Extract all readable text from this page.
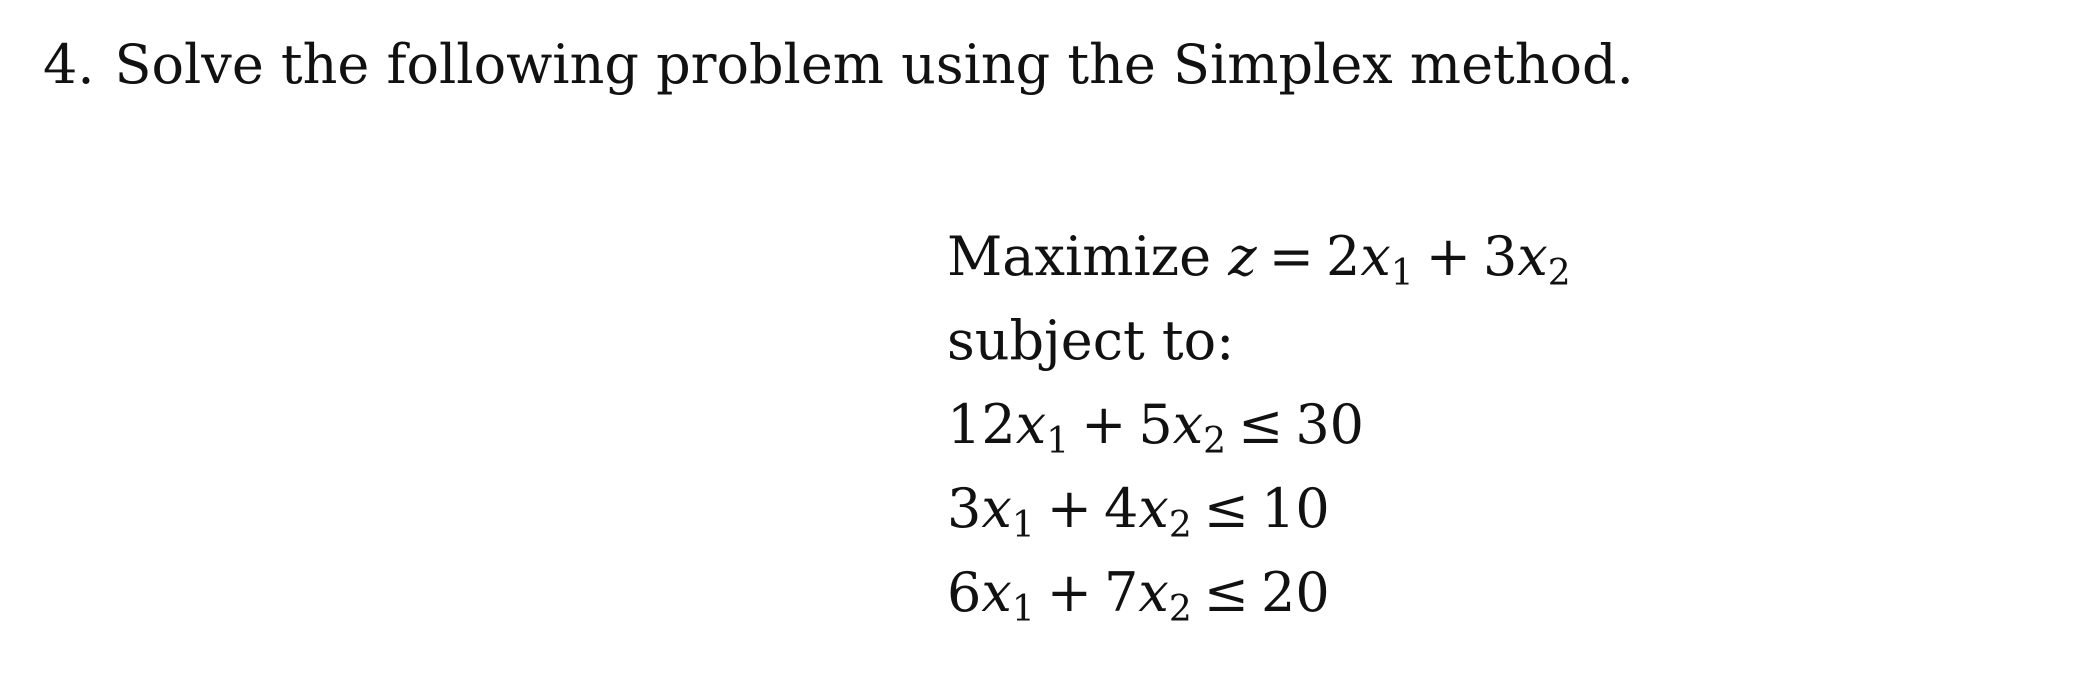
4. Solve the following problem using the Simplex method.
Maximize $z = 2x_1 + 3x_2$
subject to:
$12x_1 + 5x_2 \le 30$
$3x_1 + 4x_2 \le 10$
$6x_1 + 7x_2 \le 20$
